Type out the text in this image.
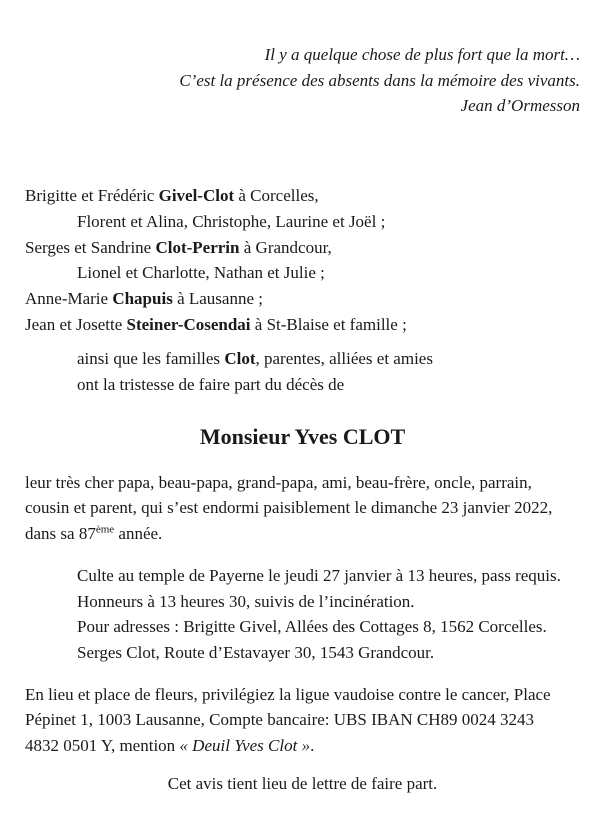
Il y a quelque chose de plus fort que la mort…
C’est la présence des absents dans la mémoire des vivants.
Jean d’Ormesson
Brigitte et Frédéric Givel-Clot à Corcelles,
Florent et Alina, Christophe, Laurine et Joël ;
Serges et Sandrine Clot-Perrin à Grandcour,
Lionel et Charlotte, Nathan et Julie ;
Anne-Marie Chapuis à Lausanne ;
Jean et Josette Steiner-Cosendai à St-Blaise et famille ;
ainsi que les familles Clot, parentes, alliées et amies
ont la tristesse de faire part du décès de
Monsieur Yves CLOT
leur très cher papa, beau-papa, grand-papa, ami, beau-frère, oncle, parrain,
cousin et parent, qui s’est endormi paisiblement le dimanche 23 janvier 2022,
dans sa 87ème année.
Culte au temple de Payerne le jeudi 27 janvier à 13 heures, pass requis.
Honneurs à 13 heures 30, suivis de l’incinération.
Pour adresses : Brigitte Givel, Allées des Cottages 8, 1562 Corcelles.
Serges Clot, Route d’Estavayer 30, 1543 Grandcour.
En lieu et place de fleurs, privilégiez la ligue vaudoise contre le cancer, Place
Pépinet 1, 1003 Lausanne, Compte bancaire: UBS IBAN CH89 0024 3243
4832 0501 Y, mention « Deuil Yves Clot ».
Cet avis tient lieu de lettre de faire part.
